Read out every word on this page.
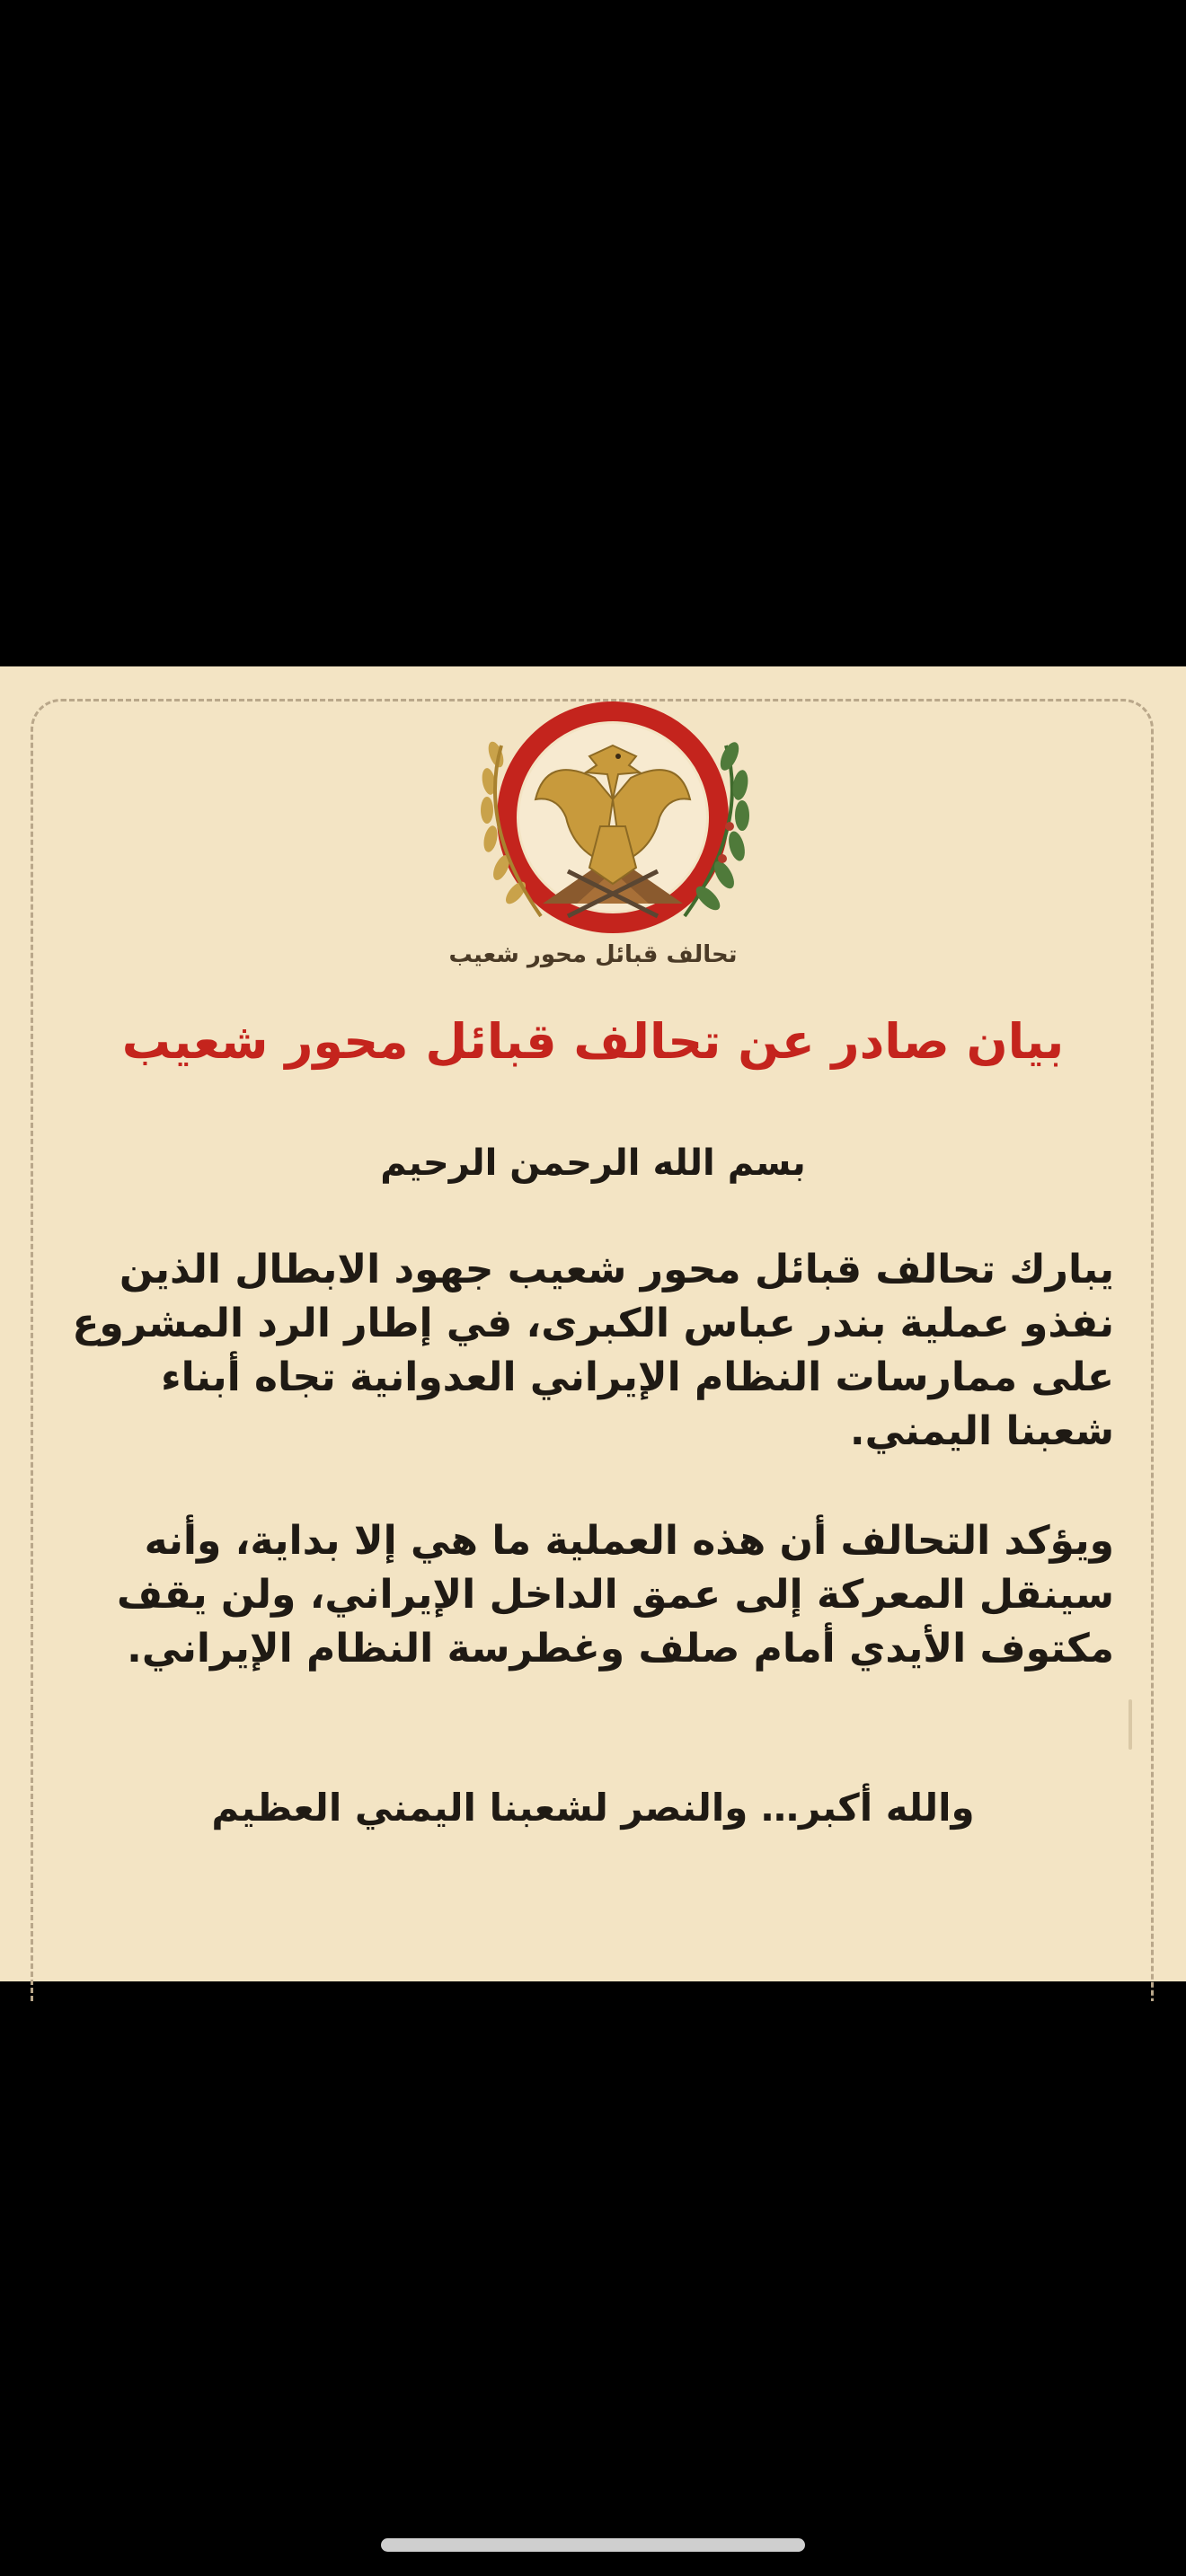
تحالف قبائل محور شعيب
بيان صادر عن تحالف قبائل محور شعيب
بسم الله الرحمن الرحيم
يبارك تحالف قبائل محور شعيب جهود الابطال الذين نفذو عملية بندر عباس الكبرى، في إطار الرد المشروع على ممارسات النظام الإيراني العدوانية تجاه أبناء شعبنا اليمني.
ويؤكد التحالف أن هذه العملية ما هي إلا بداية، وأنه سينقل المعركة إلى عمق الداخل الإيراني، ولن يقف مكتوف الأيدي أمام صلف وغطرسة النظام الإيراني.
والله أكبر… والنصر لشعبنا اليمني العظيم
